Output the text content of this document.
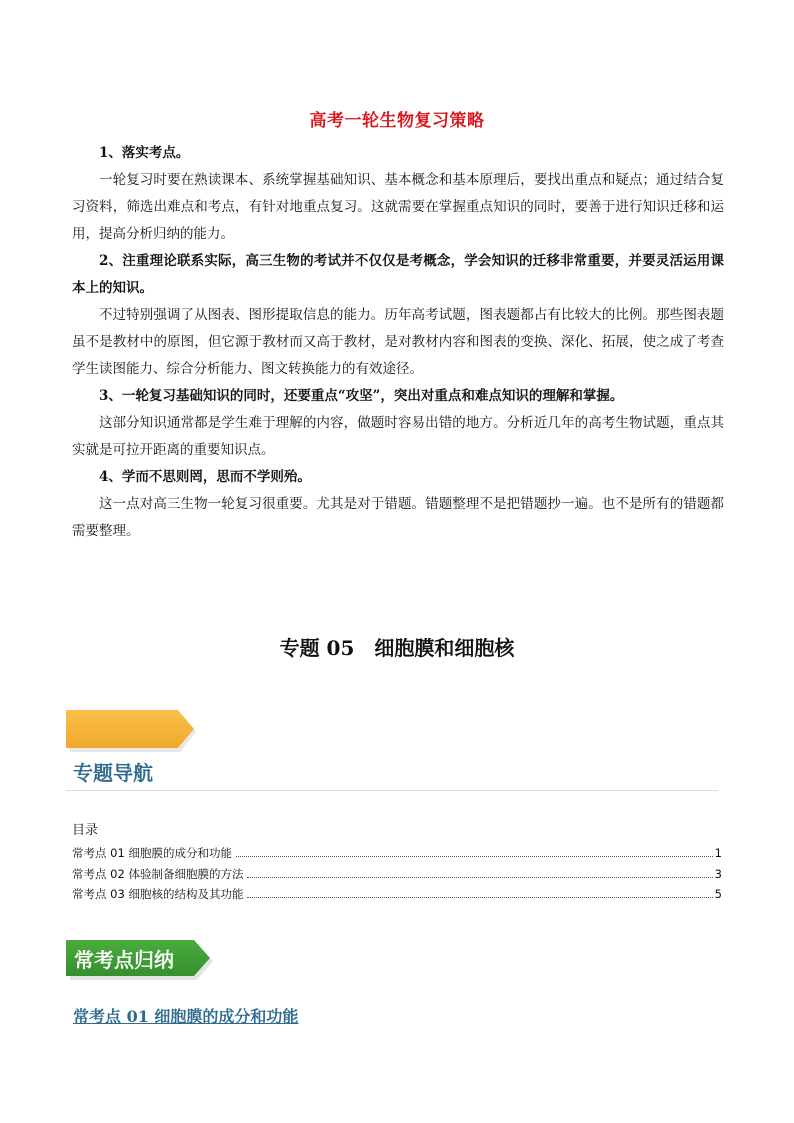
高考一轮生物复习策略

1、落实考点。

一轮复习时要在熟读课本、系统掌握基础知识、基本概念和基本原理后，要找出重点和疑点；通过结合复习资料，筛选出难点和考点，有针对地重点复习。这就需要在掌握重点知识的同时，要善于进行知识迁移和运用，提高分析归纳的能力。

2、注重理论联系实际，高三生物的考试并不仅仅是考概念，学会知识的迁移非常重要，并要灵活运用课本上的知识。

不过特别强调了从图表、图形提取信息的能力。历年高考试题，图表题都占有比较大的比例。那些图表题虽不是教材中的原图，但它源于教材而又高于教材，是对教材内容和图表的变换、深化、拓展，使之成了考查学生读图能力、综合分析能力、图文转换能力的有效途径。

3、一轮复习基础知识的同时，还要重点“攻坚”，突出对重点和难点知识的理解和掌握。

这部分知识通常都是学生难于理解的内容，做题时容易出错的地方。分析近几年的高考生物试题，重点其实就是可拉开距离的重要知识点。

4、学而不思则罔，思而不学则殆。

这一点对高三生物一轮复习很重要。尤其是对于错题。错题整理不是把错题抄一遍。也不是所有的错题都需要整理。

专题 05　细胞膜和细胞核
专题导航
目录
常考点 01 细胞膜的成分和功能	1
常考点 02 体验制备细胞膜的方法	3
常考点 03 细胞核的结构及其功能	5
常考点归纳
常考点 01 细胞膜的成分和功能
